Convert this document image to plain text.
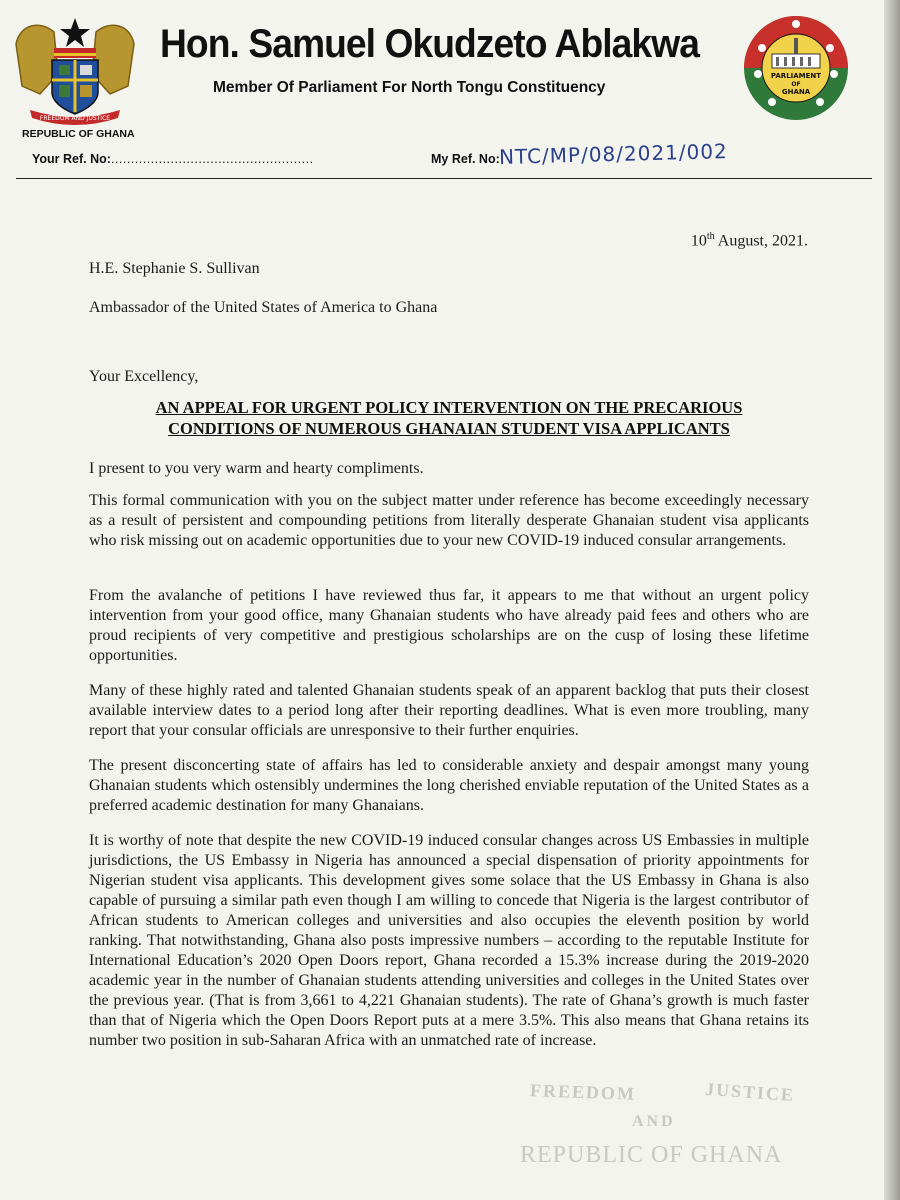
FREEDOM AND JUSTICE
REPUBLIC OF GHANA
Hon. Samuel Okudzeto Ablakwa
Member Of Parliament For North Tongu Constituency
PARLIAMENT
OF
GHANA
Your Ref. No:...................................................	My Ref. No:
NTC/MP/08/2021/002
10th August, 2021.
H.E. Stephanie S. Sullivan
Ambassador of the United States of America to Ghana
Your Excellency,
AN APPEAL FOR URGENT POLICY INTERVENTION ON THE PRECARIOUS
CONDITIONS OF NUMEROUS GHANAIAN STUDENT VISA APPLICANTS
I present to you very warm and hearty compliments.
This formal communication with you on the subject matter under reference has become exceedingly necessary as a result of persistent and compounding petitions from literally desperate Ghanaian student visa applicants who risk missing out on academic opportunities due to your new COVID-19 induced consular arrangements.
From the avalanche of petitions I have reviewed thus far, it appears to me that without an urgent policy intervention from your good office, many Ghanaian students who have already paid fees and others who are proud recipients of very competitive and prestigious scholarships are on the cusp of losing these lifetime opportunities.
Many of these highly rated and talented Ghanaian students speak of an apparent backlog that puts their closest available interview dates to a period long after their reporting deadlines. What is even more troubling, many report that your consular officials are unresponsive to their further enquiries.
The present disconcerting state of affairs has led to considerable anxiety and despair amongst many young Ghanaian students which ostensibly undermines the long cherished enviable reputation of the United States as a preferred academic destination for many Ghanaians.
It is worthy of note that despite the new COVID-19 induced consular changes across US Embassies in multiple jurisdictions, the US Embassy in Nigeria has announced a special dispensation of priority appointments for Nigerian student visa applicants. This development gives some solace that the US Embassy in Ghana is also capable of pursuing a similar path even though I am willing to concede that Nigeria is the largest contributor of African students to American colleges and universities and also occupies the eleventh position by world ranking. That notwithstanding, Ghana also posts impressive numbers – according to the reputable Institute for International Education’s 2020 Open Doors report, Ghana recorded a 15.3% increase during the 2019-2020 academic year in the number of Ghanaian students attending universities and colleges in the United States over the previous year. (That is from 3,661 to 4,221 Ghanaian students). The rate of Ghana’s growth is much faster than that of Nigeria which the Open Doors Report puts at a mere 3.5%. This also means that Ghana retains its number two position in sub-Saharan Africa with an unmatched rate of increase.
FREEDOM	JUSTICE
AND
REPUBLIC OF GHANA
